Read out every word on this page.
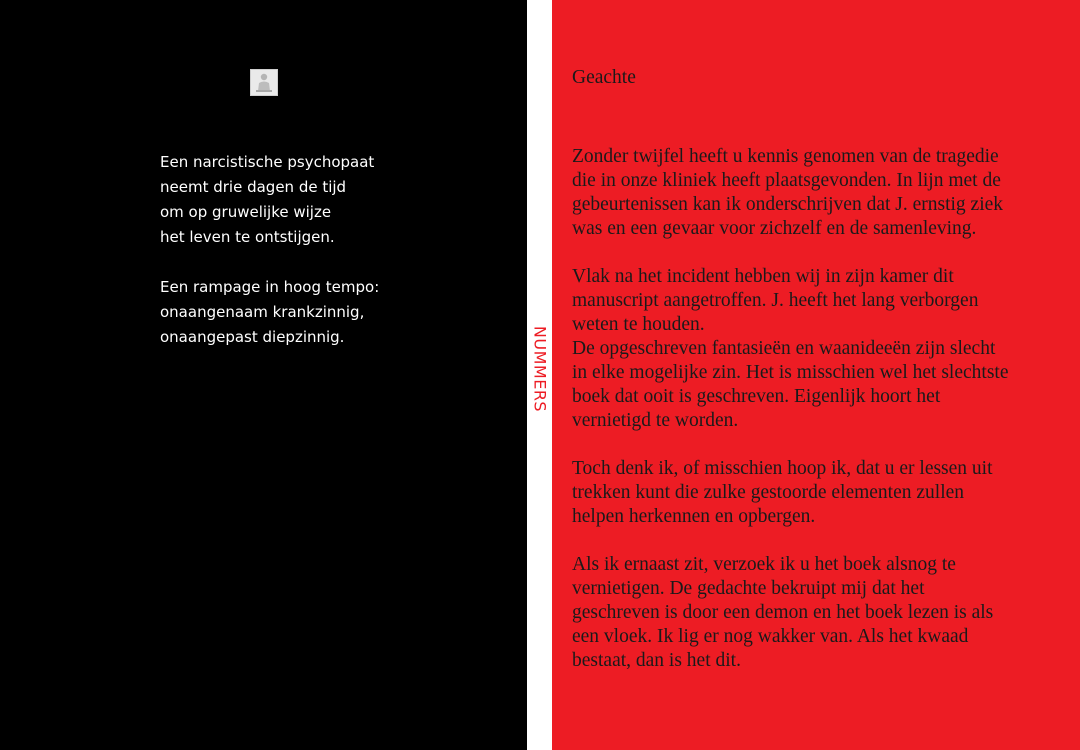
Een narcistische psychopaat
neemt drie dagen de tijd
om op gruwelijke wijze
het leven te ontstijgen.

Een rampage in hoog tempo:
onaangenaam krankzinnig,
onaangepast diepzinnig.	NUMMERS
Geachte

Zonder twijfel heeft u kennis genomen van de tragedie
die in onze kliniek heeft plaatsgevonden. In lijn met de
gebeurtenissen kan ik onderschrijven dat J. ernstig ziek
was en een gevaar voor zichzelf en de samenleving.

Vlak na het incident hebben wij in zijn kamer dit
manuscript aangetroffen. J. heeft het lang verborgen
weten te houden.
De opgeschreven fantasieën en waanideeën zijn slecht
in elke mogelijke zin. Het is misschien wel het slechtste
boek dat ooit is geschreven. Eigenlijk hoort het
vernietigd te worden.

Toch denk ik, of misschien hoop ik, dat u er lessen uit
trekken kunt die zulke gestoorde elementen zullen
helpen herkennen en opbergen.

Als ik ernaast zit, verzoek ik u het boek alsnog te
vernietigen. De gedachte bekruipt mij dat het
geschreven is door een demon en het boek lezen is als
een vloek. Ik lig er nog wakker van. Als het kwaad
bestaat, dan is het dit.
